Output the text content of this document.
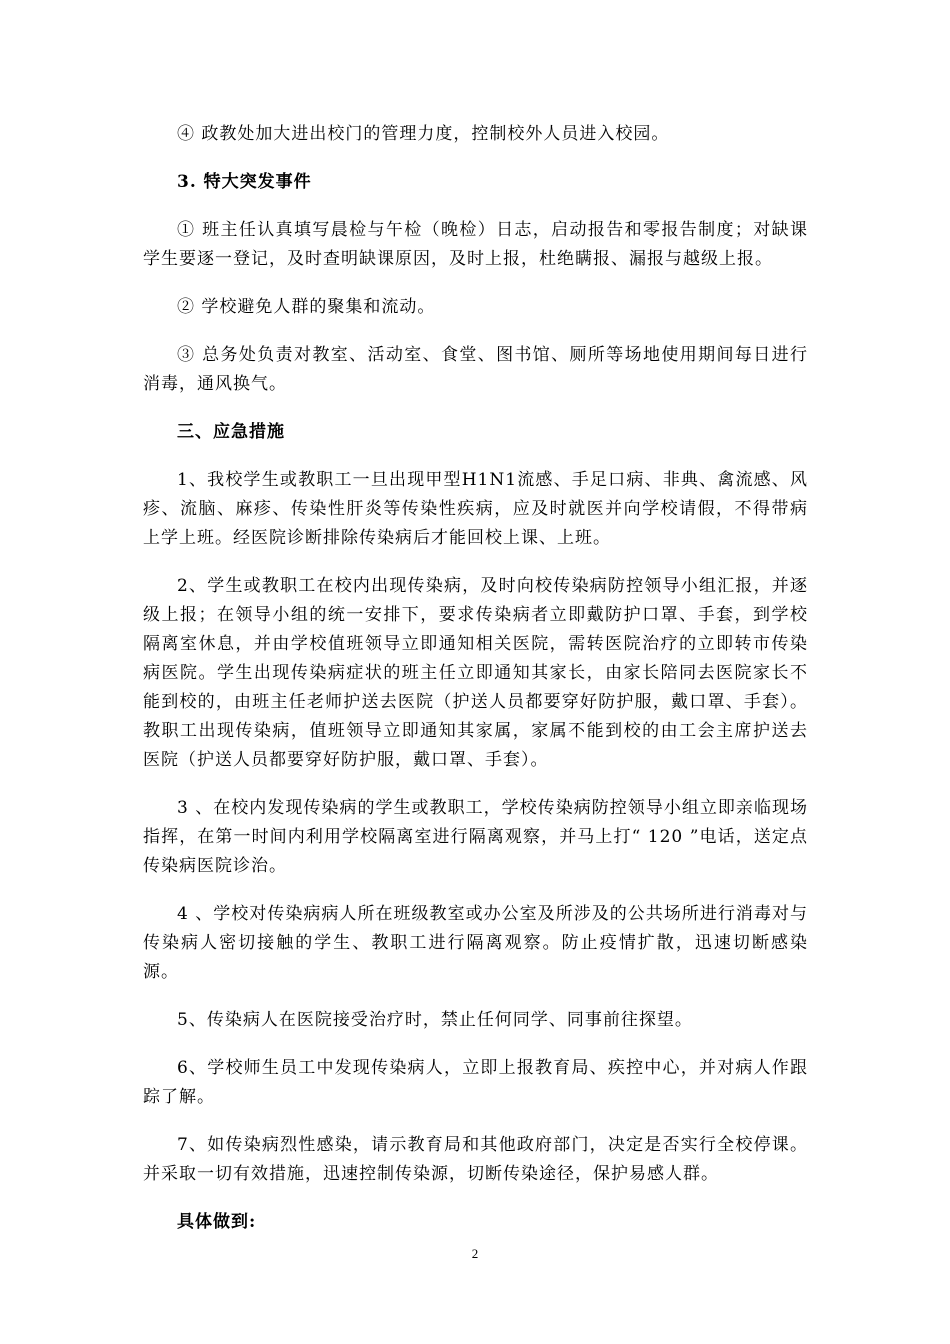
④ 政教处加大进出校门的管理力度，控制校外人员进入校园。

3. 特大突发事件

① 班主任认真填写晨检与午检（晚检）日志，启动报告和零报告制度；对缺课学生要逐一登记，及时查明缺课原因，及时上报，杜绝瞒报、漏报与越级上报。

② 学校避免人群的聚集和流动。

③ 总务处负责对教室、活动室、食堂、图书馆、厕所等场地使用期间每日进行消毒，通风换气。

三、应急措施

1、我校学生或教职工一旦出现甲型H1N1流感、手足口病、非典、禽流感、风疹、流脑、麻疹、传染性肝炎等传染性疾病，应及时就医并向学校请假，不得带病上学上班。经医院诊断排除传染病后才能回校上课、上班。

2、学生或教职工在校内出现传染病，及时向校传染病防控领导小组汇报，并逐级上报；在领导小组的统一安排下，要求传染病者立即戴防护口罩、手套，到学校隔离室休息，并由学校值班领导立即通知相关医院，需转医院治疗的立即转市传染病医院。学生出现传染病症状的班主任立即通知其家长，由家长陪同去医院家长不能到校的，由班主任老师护送去医院（护送人员都要穿好防护服，戴口罩、手套）。教职工出现传染病，值班领导立即通知其家属，家属不能到校的由工会主席护送去医院（护送人员都要穿好防护服，戴口罩、手套）。

3 、在校内发现传染病的学生或教职工，学校传染病防控领导小组立即亲临现场指挥，在第一时间内利用学校隔离室进行隔离观察，并马上打“ 120 ”电话，送定点传染病医院诊治。

4 、学校对传染病病人所在班级教室或办公室及所涉及的公共场所进行消毒对与传染病人密切接触的学生、教职工进行隔离观察。防止疫情扩散，迅速切断感染源。

5、传染病人在医院接受治疗时，禁止任何同学、同事前往探望。

6、学校师生员工中发现传染病人，立即上报教育局、疾控中心，并对病人作跟踪了解。

7、如传染病烈性感染，请示教育局和其他政府部门，决定是否实行全校停课。并采取一切有效措施，迅速控制传染源，切断传染途径，保护易感人群。

具体做到:

2
